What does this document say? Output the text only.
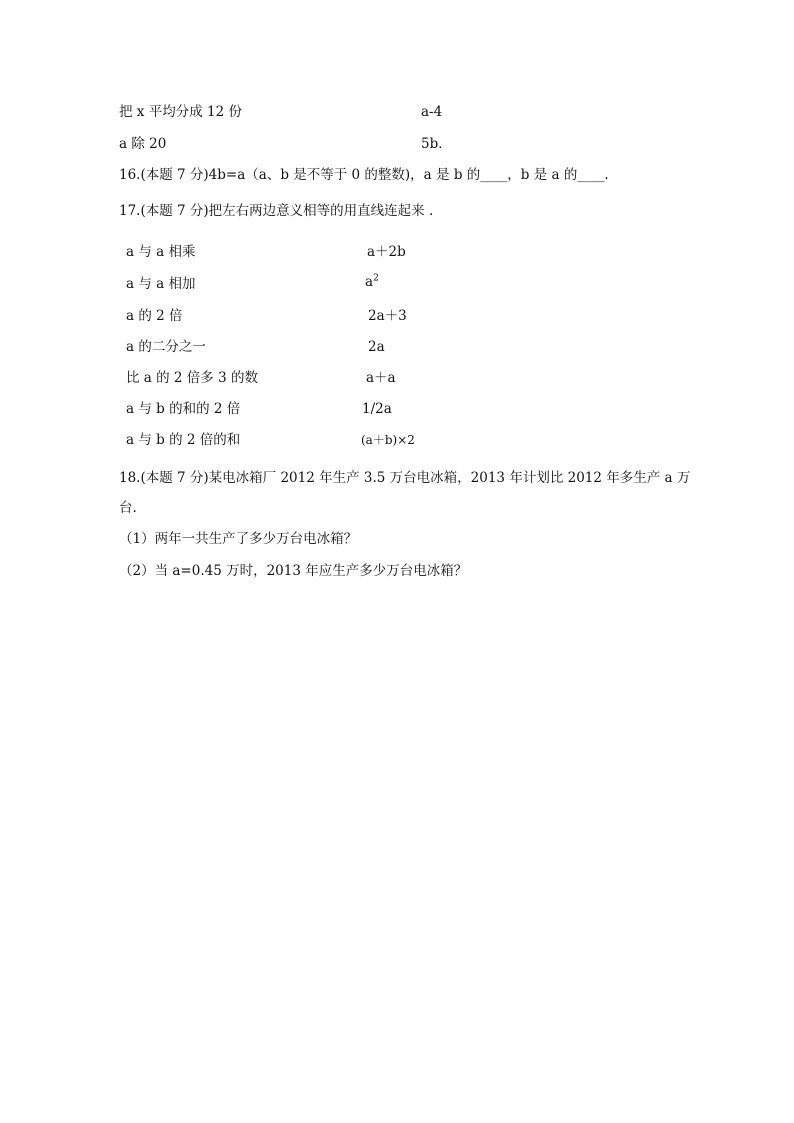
把 x 平均分成 12 份	a-4
a 除 20	5b．
16.(本题 7 分)4b=a（a、b 是不等于 0 的整数)，a 是 b 的____，b 是 a 的____.
17.(本题 7 分)把左右两边意义相等的用直线连起来 .
a 与 a 相乘	a＋2b
a 与 a 相加	$a^2$
a 的 2 倍	2a＋3
a 的二分之一	2a
比 a 的 2 倍多 3 的数	a＋a
a 与 b 的和的 2 倍	1/2a
a 与 b 的 2 倍的和	(a＋b)×2
18.(本题 7 分)某电冰箱厂 2012 年生产 3.5 万台电冰箱，2013 年计划比 2012 年多生产 a 万
台.
（1）两年一共生产了多少万台电冰箱？
（2）当 a=0.45 万时，2013 年应生产多少万台电冰箱？
